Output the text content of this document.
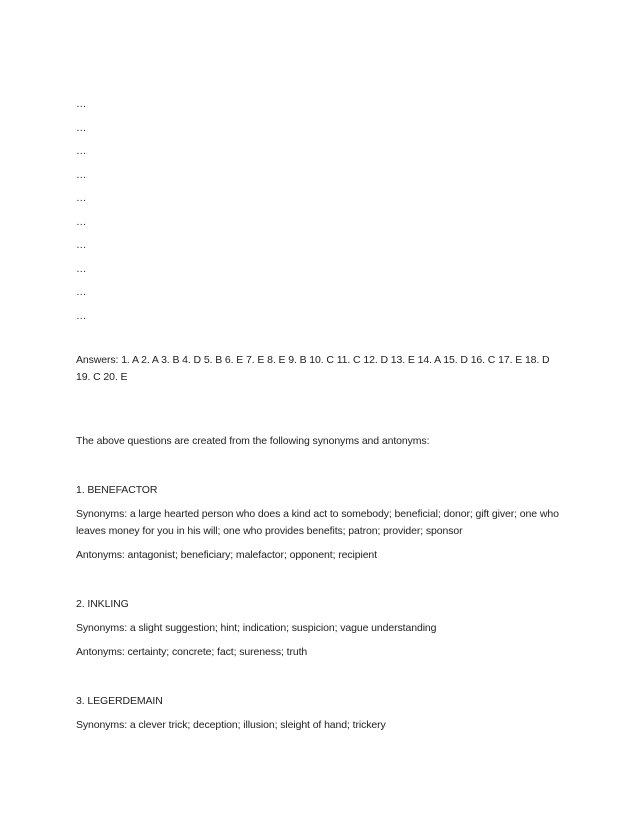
…

…

…

…

…

…

…

…

…

…

Answers: 1. A 2. A 3. B 4. D 5. B 6. E 7. E 8. E 9. B 10. C 11. C 12. D 13. E 14. A 15. D 16. C 17. E 18. D 19. C 20. E

The above questions are created from the following synonyms and antonyms:

1. BENEFACTOR

Synonyms: a large hearted person who does a kind act to somebody; beneficial; donor; gift giver; one who leaves money for you in his will; one who provides benefits; patron; provider; sponsor

Antonyms: antagonist; beneficiary; malefactor; opponent; recipient

2. INKLING

Synonyms: a slight suggestion; hint; indication; suspicion; vague understanding

Antonyms: certainty; concrete; fact; sureness; truth

3. LEGERDEMAIN

Synonyms: a clever trick; deception; illusion; sleight of hand; trickery
